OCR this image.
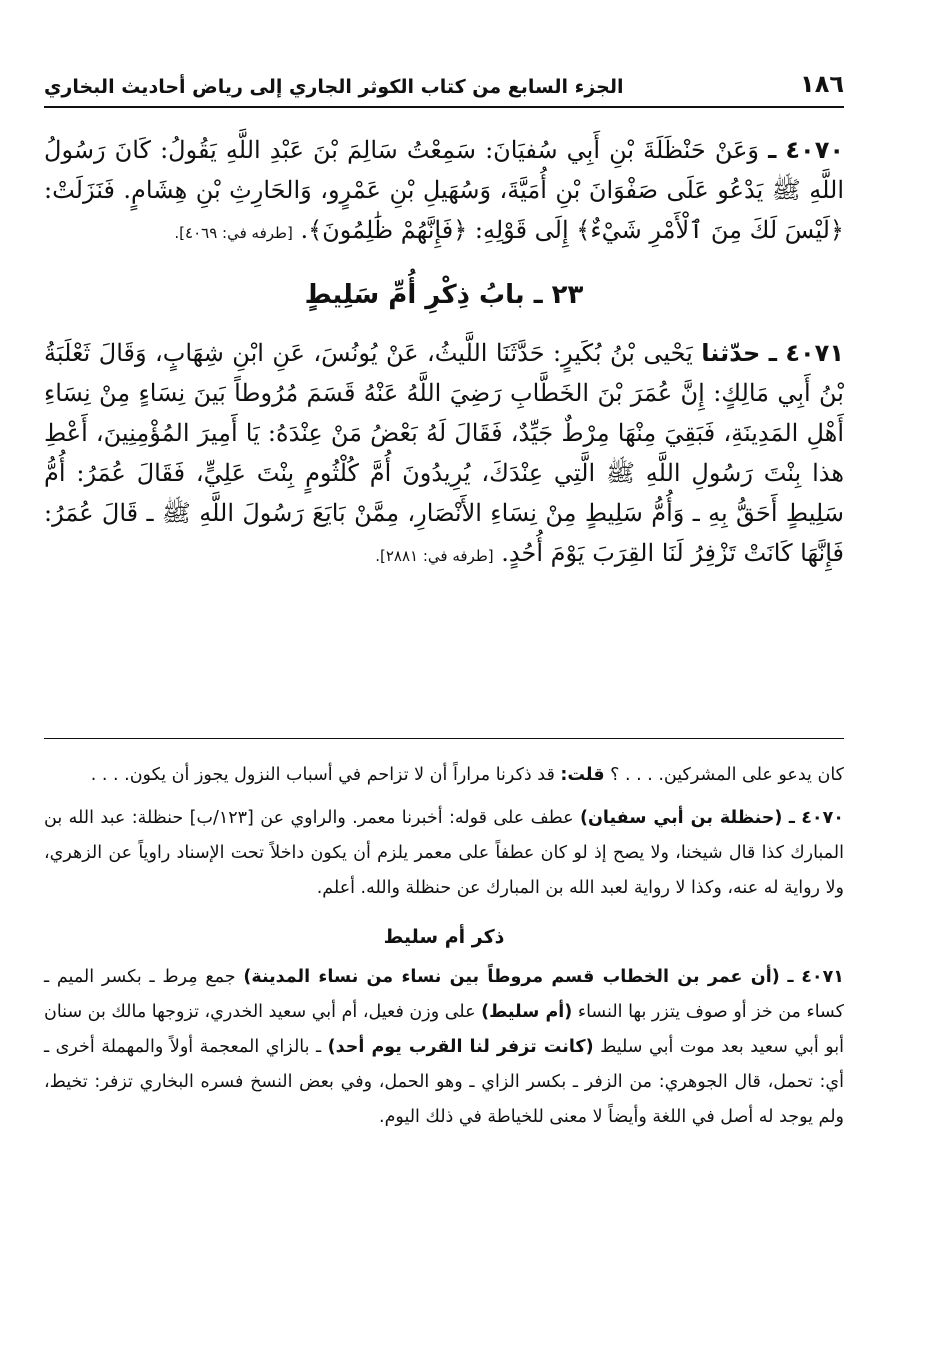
١٨٦
الجزء السابع من كتاب الكوثر الجاري إلى رياض أحاديث البخاري

٤٠٧٠ ـ وَعَنْ حَنْظَلَةَ بْنِ أَبِي سُفيَانَ: سَمِعْتُ سَالِمَ بْنَ عَبْدِ اللَّهِ يَقُولُ: كَانَ رَسُولُ اللَّهِ ﷺ يَدْعُو عَلَى صَفْوَانَ بْنِ أُمَيَّةَ، وَسُهَيلِ بْنِ عَمْرٍو، وَالحَارِثِ بْنِ هِشَامٍ. فَنَزَلَتْ: ﴿لَيْسَ لَكَ مِنَ ٱلْأَمْرِ شَيْءٌ﴾ إِلَى قَوْلِهِ: ﴿فَإِنَّهُمْ ظَٰلِمُونَ﴾. [طرفه في: ٤٠٦٩].

٢٣ ـ بابُ ذِكْرِ أُمِّ سَلِيطٍ

٤٠٧١ ـ حدّثنا يَحْيى بْنُ بُكَيرٍ: حَدَّثَنَا اللَّيثُ، عَنْ يُونُسَ، عَنِ ابْنِ شِهَابٍ، وَقَالَ ثَعْلَبَةُ بْنُ أَبِي مَالِكٍ: إِنَّ عُمَرَ بْنَ الخَطَّابِ رَضِيَ اللَّهُ عَنْهُ قَسَمَ مُرُوطاً بَينَ نِسَاءٍ مِنْ نِسَاءِ أَهْلِ المَدِينَةِ، فَبَقِيَ مِنْهَا مِرْطٌ جَيِّدٌ، فَقَالَ لَهُ بَعْضُ مَنْ عِنْدَهُ: يَا أَمِيرَ المُؤْمِنِينَ، أَعْطِ هذا بِنْتَ رَسُولِ اللَّهِ ﷺ الَّتِي عِنْدَكَ، يُرِيدُونَ أُمَّ كُلْثُومٍ بِنْتَ عَلِيٍّ، فَقَالَ عُمَرُ: أُمُّ سَلِيطٍ أَحَقُّ بِهِ ـ وَأُمُّ سَلِيطٍ مِنْ نِسَاءِ الأَنْصَارِ، مِمَّنْ بَايَعَ رَسُولَ اللَّهِ ﷺ ـ قَالَ عُمَرُ: فَإِنَّهَا كَانَتْ تَزْفِرُ لَنَا القِرَبَ يَوْمَ أُحُدٍ. [طرفه في: ٢٨٨١].

كان يدعو على المشركين. . . . ؟ قلت: قد ذكرنا مراراً أن لا تزاحم في أسباب النزول يجوز أن يكون. . . .

٤٠٧٠ ـ (حنظلة بن أبي سفيان) عطف على قوله: أخبرنا معمر. والراوي عن [١٢٣/ب] حنظلة: عبد الله بن المبارك كذا قال شيخنا، ولا يصح إذ لو كان عطفاً على معمر يلزم أن يكون داخلاً تحت الإسناد راوياً عن الزهري، ولا رواية له عنه، وكذا لا رواية لعبد الله بن المبارك عن حنظلة والله. أعلم.

ذكر أم سليط

٤٠٧١ ـ (أن عمر بن الخطاب قسم مروطاً بين نساء من نساء المدينة) جمع مِرط ـ بكسر الميم ـ كساء من خز أو صوف يتزر بها النساء (أم سليط) على وزن فعيل، أم أبي سعيد الخدري، تزوجها مالك بن سنان أبو أبي سعيد بعد موت أبي سليط (كانت تزفر لنا القرب يوم أحد) ـ بالزاي المعجمة أولاً والمهملة أخرى ـ أي: تحمل، قال الجوهري: من الزفر ـ بكسر الزاي ـ وهو الحمل، وفي بعض النسخ فسره البخاري تزفر: تخيط، ولم يوجد له أصل في اللغة وأيضاً لا معنى للخياطة في ذلك اليوم.
